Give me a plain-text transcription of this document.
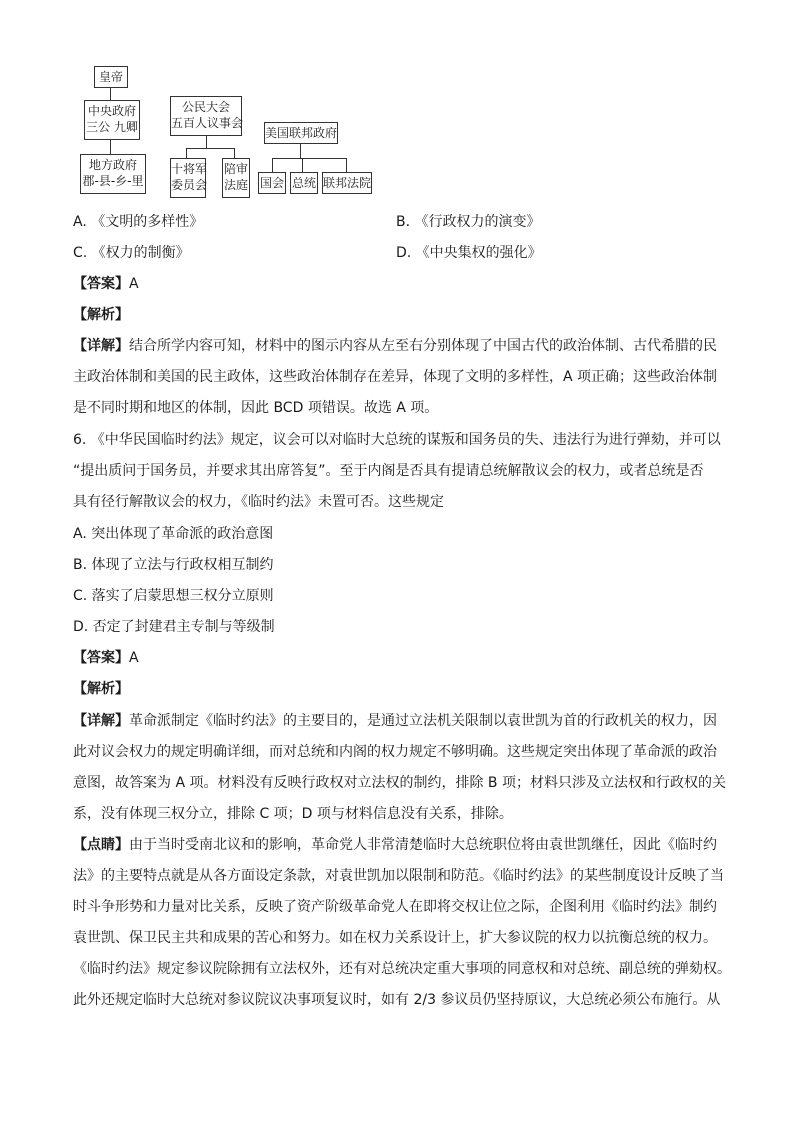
皇帝
中央政府
三公 九卿
地方政府
郡-县-乡-里
公民大会
五百人议事会
十将军
委员会
陪审
法庭
美国联邦政府
国会 总统 联邦法院
A. 《文明的多样性》	B. 《行政权力的演变》
C. 《权力的制衡》	D. 《中央集权的强化》
【答案】A
【解析】
【详解】结合所学内容可知，材料中的图示内容从左至右分别体现了中国古代的政治体制、古代希腊的民
主政治体制和美国的民主政体，这些政治体制存在差异，体现了文明的多样性，A 项正确；这些政治体制
是不同时期和地区的体制，因此 BCD 项错误。故选 A 项。
6. 《中华民国临时约法》规定，议会可以对临时大总统的谋叛和国务员的失、违法行为进行弹劾，并可以
“提出质问于国务员，并要求其出席答复”。至于内阁是否具有提请总统解散议会的权力，或者总统是否
具有径行解散议会的权力，《临时约法》未置可否。这些规定
A. 突出体现了革命派的政治意图
B. 体现了立法与行政权相互制约
C. 落实了启蒙思想三权分立原则
D. 否定了封建君主专制与等级制
【答案】A
【解析】
【详解】革命派制定《临时约法》的主要目的，是通过立法机关限制以袁世凯为首的行政机关的权力，因
此对议会权力的规定明确详细，而对总统和内阁的权力规定不够明确。这些规定突出体现了革命派的政治
意图，故答案为 A 项。材料没有反映行政权对立法权的制约，排除 B 项；材料只涉及立法权和行政权的关
系，没有体现三权分立，排除 C 项；D 项与材料信息没有关系，排除。
【点睛】由于当时受南北议和的影响，革命党人非常清楚临时大总统职位将由袁世凯继任，因此《临时约
法》的主要特点就是从各方面设定条款，对袁世凯加以限制和防范。《临时约法》的某些制度设计反映了当
时斗争形势和力量对比关系，反映了资产阶级革命党人在即将交权让位之际，企图利用《临时约法》制约
袁世凯、保卫民主共和成果的苦心和努力。如在权力关系设计上，扩大参议院的权力以抗衡总统的权力。
《临时约法》规定参议院除拥有立法权外，还有对总统决定重大事项的同意权和对总统、副总统的弹劾权。
此外还规定临时大总统对参议院议决事项复议时，如有 2/3 参议员仍坚持原议，大总统必须公布施行。从
